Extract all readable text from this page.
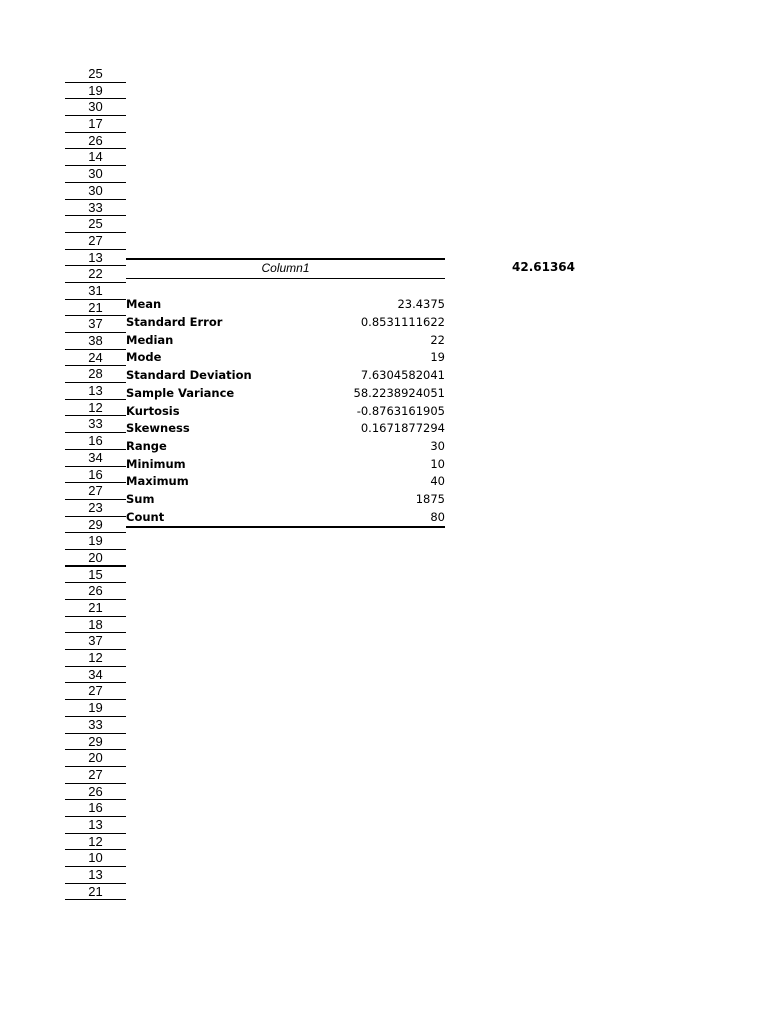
25
19
30
17
26
14
30
30
33
25
27
13
22
31
21
37
38
24
28
13
12
33
16
34
16
27
23
29
19
20
15
26
21
18
37
12
34
27
19
33
29
20
27
26
16
13
12
10
13
21
Column1
Mean	23.4375
Standard Error	0.8531111622
Median	22
Mode	19
Standard Deviation	7.6304582041
Sample Variance	58.2238924051
Kurtosis	-0.8763161905
Skewness	0.1671877294
Range	30
Minimum	10
Maximum	40
Sum	1875
Count	80
42.61364
